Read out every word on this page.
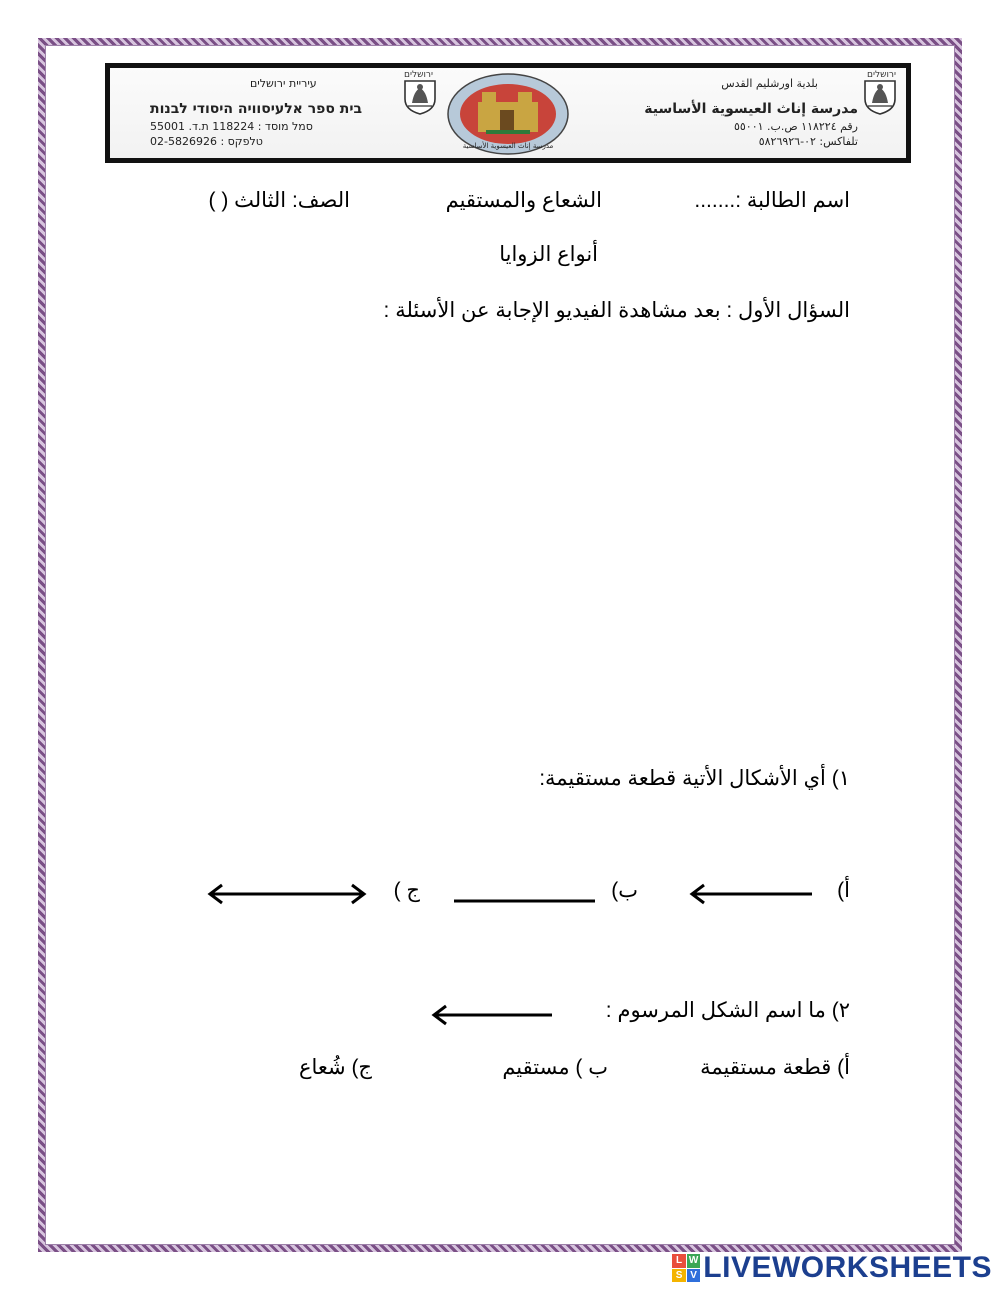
بلدية اورشليم القدس
مدرسة إناث العيسوية الأساسية
رقم ١١٨٢٢٤ ص.ب. ٥٥٠٠١
تلفاكس: ٠٢-٥٨٢٦٩٢٦
مدرسة إناث العيسوية الأساسية
עיריית ירושלים
בית ספר אלעיסוויה היסודי לבנות
סמל מוסד : 118224 ת.ד. 55001
טלפקס : 02-5826926
ירושלים
ירושלים
اسم الطالبة :.......
الشعاع والمستقيم
الصف: الثالث ( )
أنواع الزوايا
السؤال الأول : بعد مشاهدة الفيديو الإجابة عن الأسئلة :
١) أي الأشكال الأتية قطعة مستقيمة:
أ)
ب)
ج )
٢) ما اسم الشكل المرسوم :
أ) قطعة مستقيمة
ب ) مستقيم
ج) شُعاع
L W
S V LIVEWORKSHEETS
